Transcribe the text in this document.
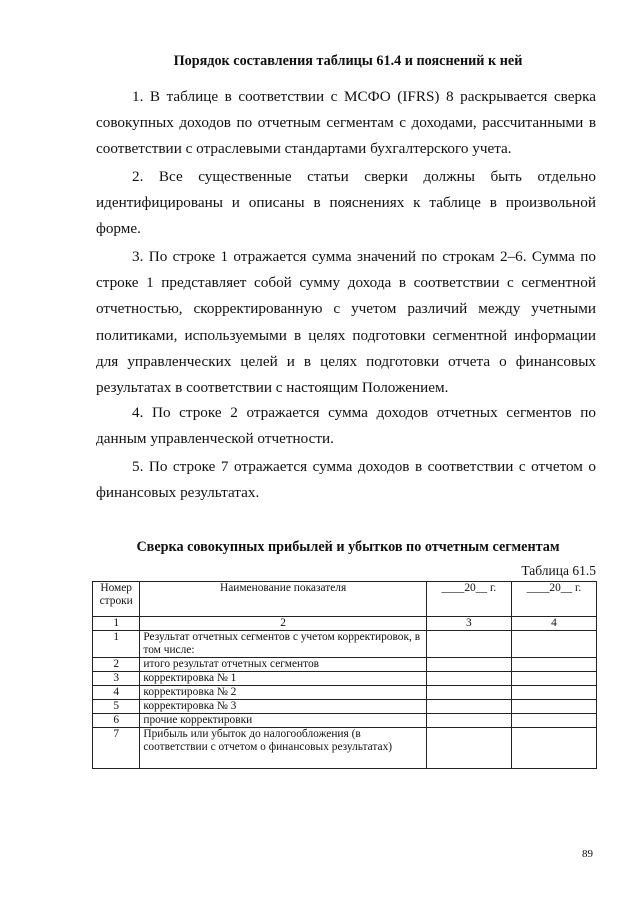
Порядок составления таблицы 61.4 и пояснений к ней

1. В таблице в соответствии с МСФО (IFRS) 8 раскрывается сверка совокупных доходов по отчетным сегментам с доходами, рассчитанными в соответствии с отраслевыми стандартами бухгалтерского учета.

2. Все существенные статьи сверки должны быть отдельно идентифицированы и описаны в пояснениях к таблице в произвольной форме.

3. По строке 1 отражается сумма значений по строкам 2–6. Сумма по строке 1 представляет собой сумму дохода в соответствии с сегментной отчетностью, скорректированную с учетом различий между учетными политиками, используемыми в целях подготовки сегментной информации для управленческих целей и в целях подготовки отчета о финансовых результатах в соответствии с настоящим Положением.

4. По строке 2 отражается сумма доходов отчетных сегментов по данным управленческой отчетности.

5. По строке 7 отражается сумма доходов в соответствии с отчетом о финансовых результатах.

Сверка совокупных прибылей и убытков по отчетным сегментам

Таблица 61.5

Номер строки	Наименование показателя	____20__ г.	____20__ г.
1	2	3	4
1	Результат отчетных сегментов с учетом корректировок, в том числе:		
2	итого результат отчетных сегментов		
3	корректировка № 1		
4	корректировка № 2		
5	корректировка № 3		
6	прочие корректировки		
7	Прибыль или убыток до налогообложения (в соответствии с отчетом о финансовых результатах)		

89
